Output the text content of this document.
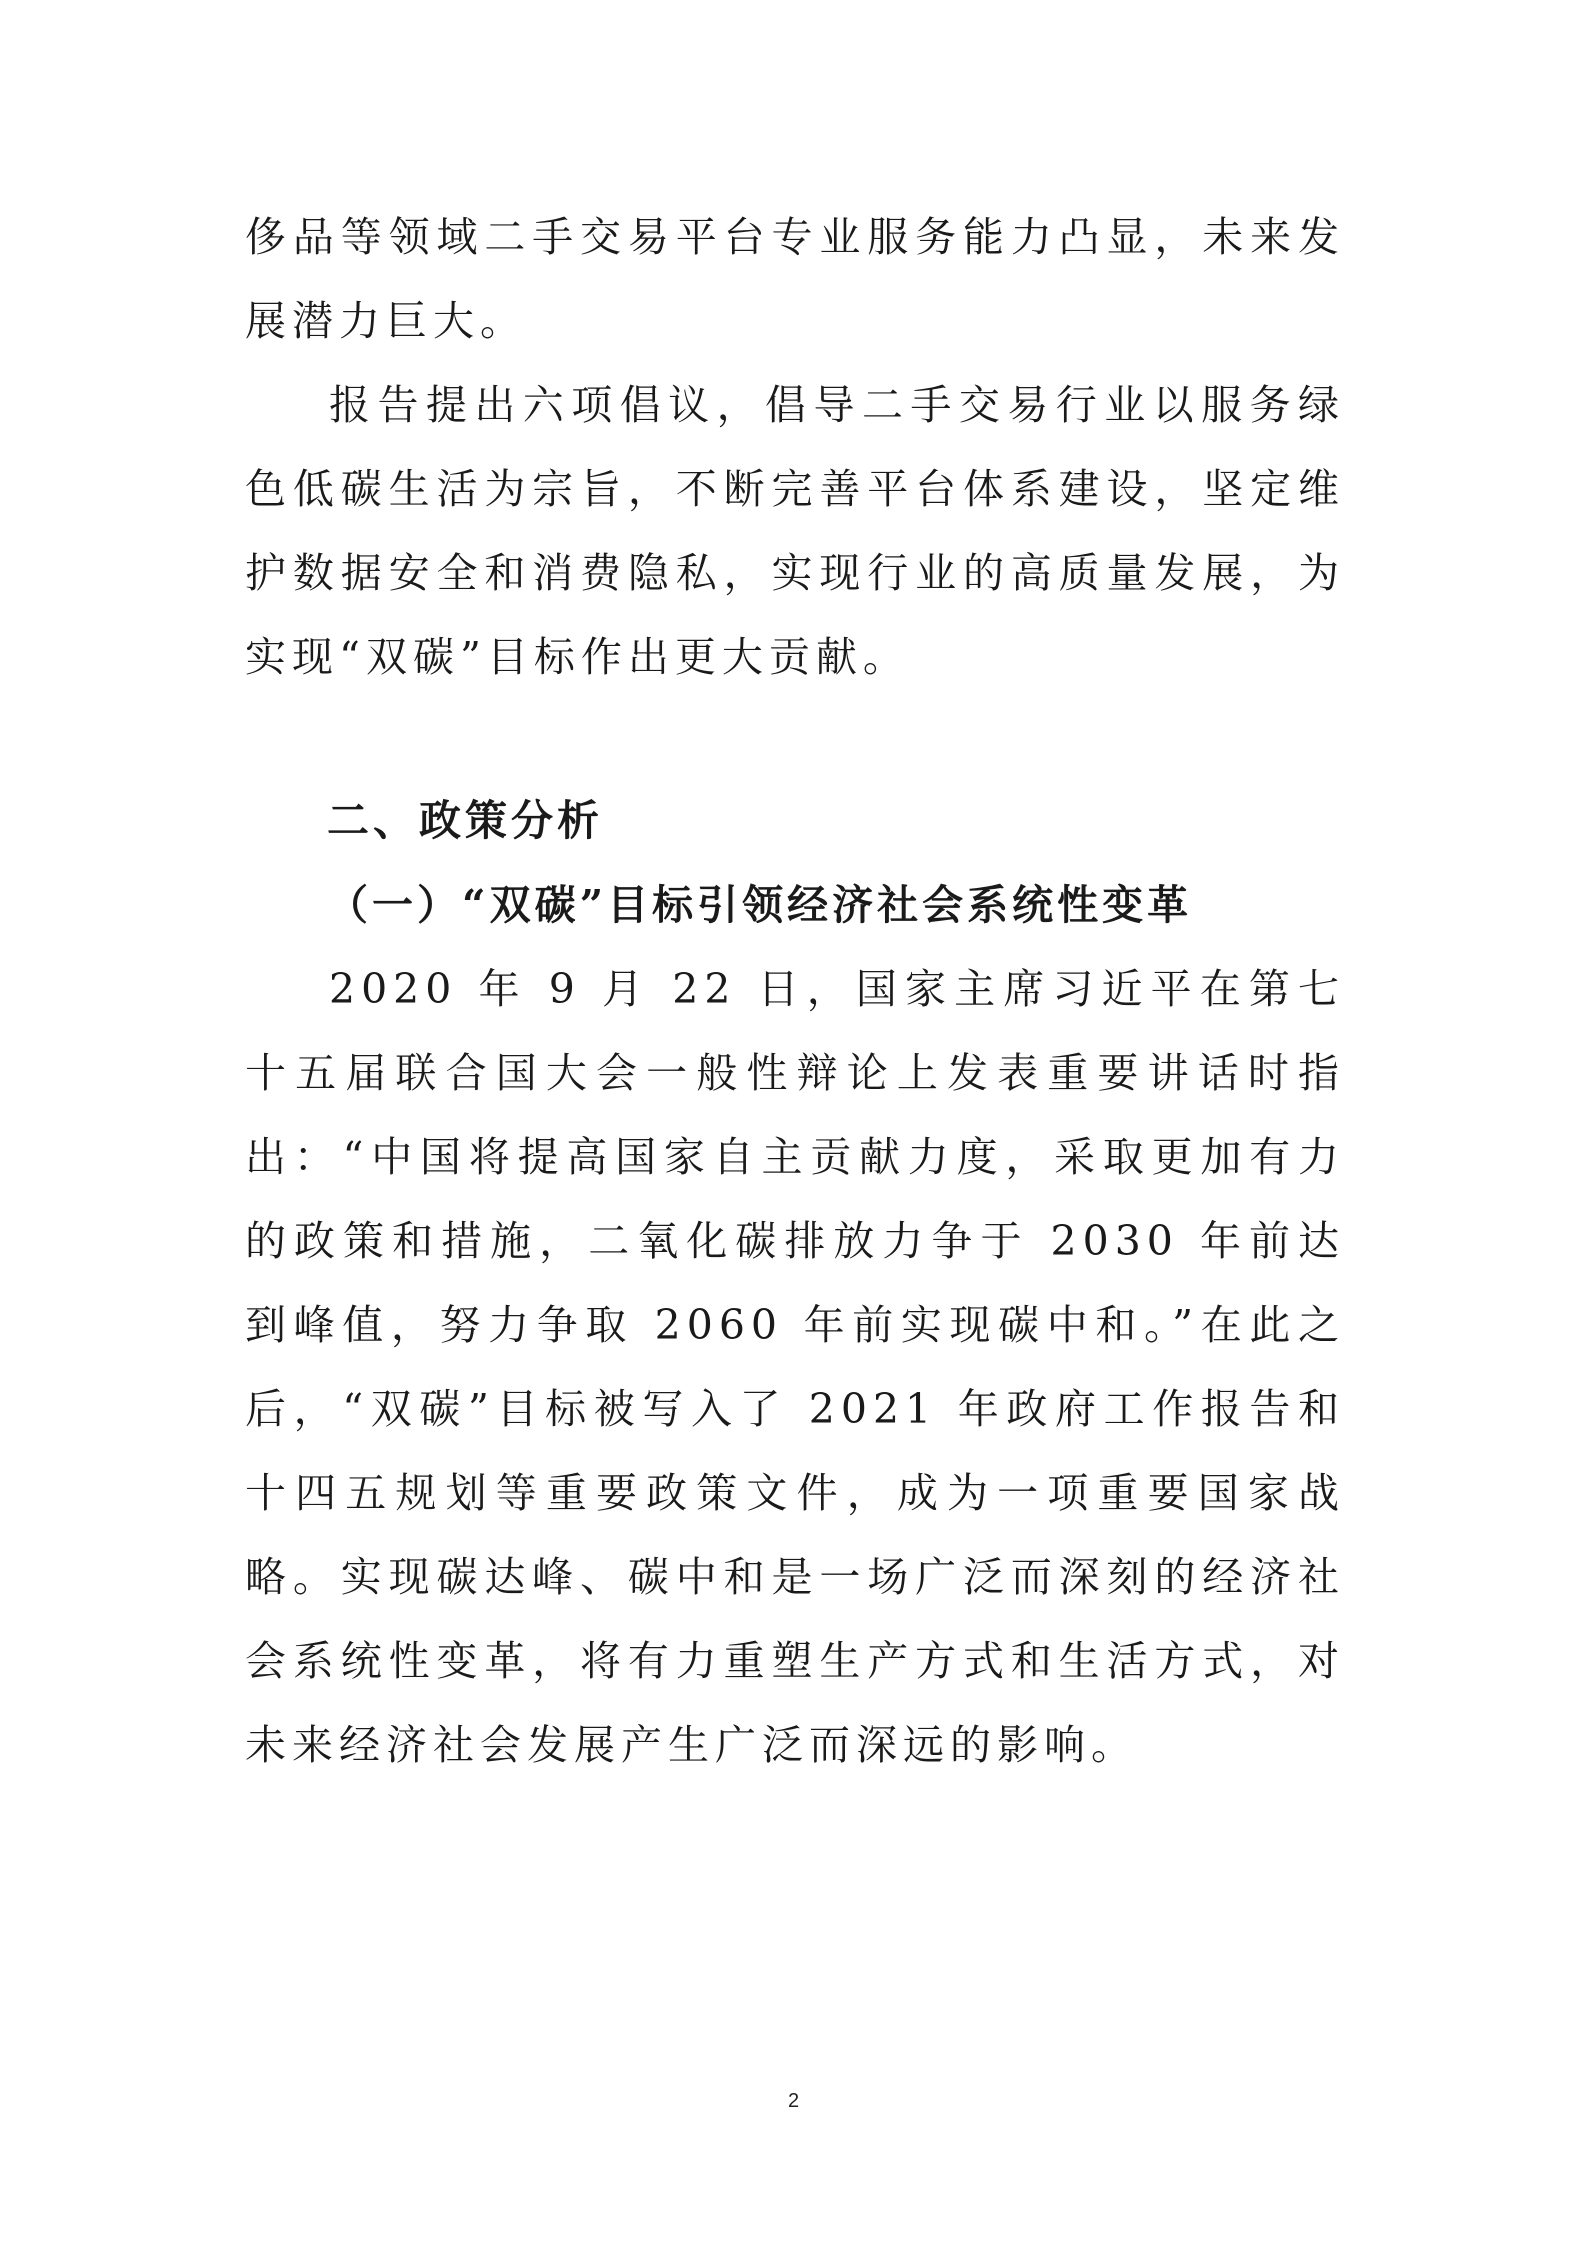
侈品等领域二手交易平台专业服务能力凸显，未来发展潜力巨大。

报告提出六项倡议，倡导二手交易行业以服务绿色低碳生活为宗旨，不断完善平台体系建设，坚定维护数据安全和消费隐私，实现行业的高质量发展，为实现“双碳”目标作出更大贡献。

二、政策分析
（一）“双碳”目标引领经济社会系统性变革

2020 年 9 月 22 日，国家主席习近平在第七十五届联合国大会一般性辩论上发表重要讲话时指出：“中国将提高国家自主贡献力度，采取更加有力的政策和措施，二氧化碳排放力争于 2030 年前达到峰值，努力争取 2060 年前实现碳中和。”在此之后，“双碳”目标被写入了 2021 年政府工作报告和十四五规划等重要政策文件，成为一项重要国家战略。实现碳达峰、碳中和是一场广泛而深刻的经济社会系统性变革，将有力重塑生产方式和生活方式，对未来经济社会发展产生广泛而深远的影响。

2
